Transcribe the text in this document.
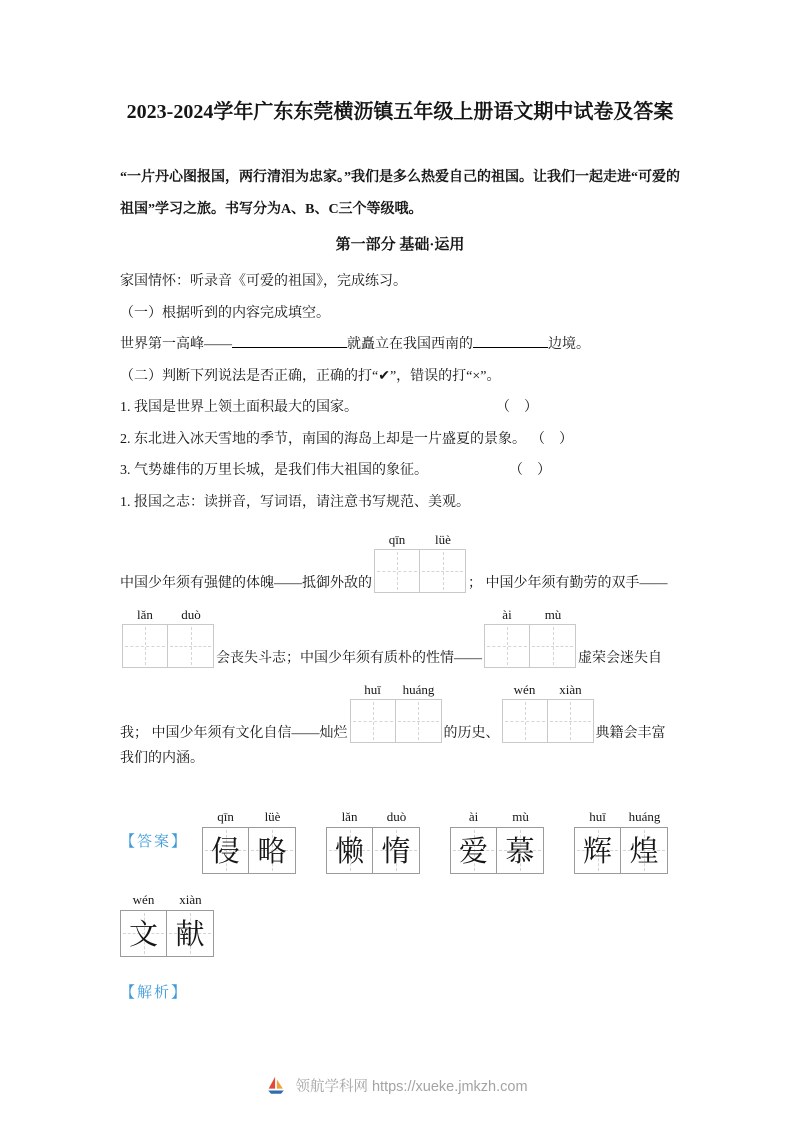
2023-2024学年广东东莞横沥镇五年级上册语文期中试卷及答案

“一片丹心图报国，两行清泪为忠家。”我们是多么热爱自己的祖国。让我们一起走进“可爱的祖国”学习之旅。书写分为A、B、C三个等级哦。

第一部分 基础·运用

家国情怀：听录音《可爱的祖国》，完成练习。

（一）根据听到的内容完成填空。

世界第一高峰——	就矗立在我国西南的	边境。

（二）判断下列说法是否正确，正确的打“✔”，错误的打“×”。

1. 我国是世界上领土面积最大的国家。	（　）

2. 东北进入冰天雪地的季节，南国的海岛上却是一片盛夏的景象。 （　）

3. 气势雄伟的万里长城，是我们伟大祖国的象征。	（　）

1. 报国之志：读拼音，写词语，请注意书写规范、美观。

中国少年须有强健的体魄——抵御外敌的
qīn	lüè
； 中国少年须有勤劳的双手——
lǎn	duò
会丧失斗志；中国少年须有质朴的性情——
ài	mù
虚荣会迷失自
我； 中国少年须有文化自信——灿烂
huī	huáng
的历史、
wén	xiàn
典籍会丰富

我们的内涵。

【答案】
qīn	lüè
侵 略
lǎn	duò
懒 惰
ài	mù
爱 慕
huī	huáng
辉 煌
wén	xiàn
文 献
【解析】
领航学科网 https://xueke.jmkzh.com
